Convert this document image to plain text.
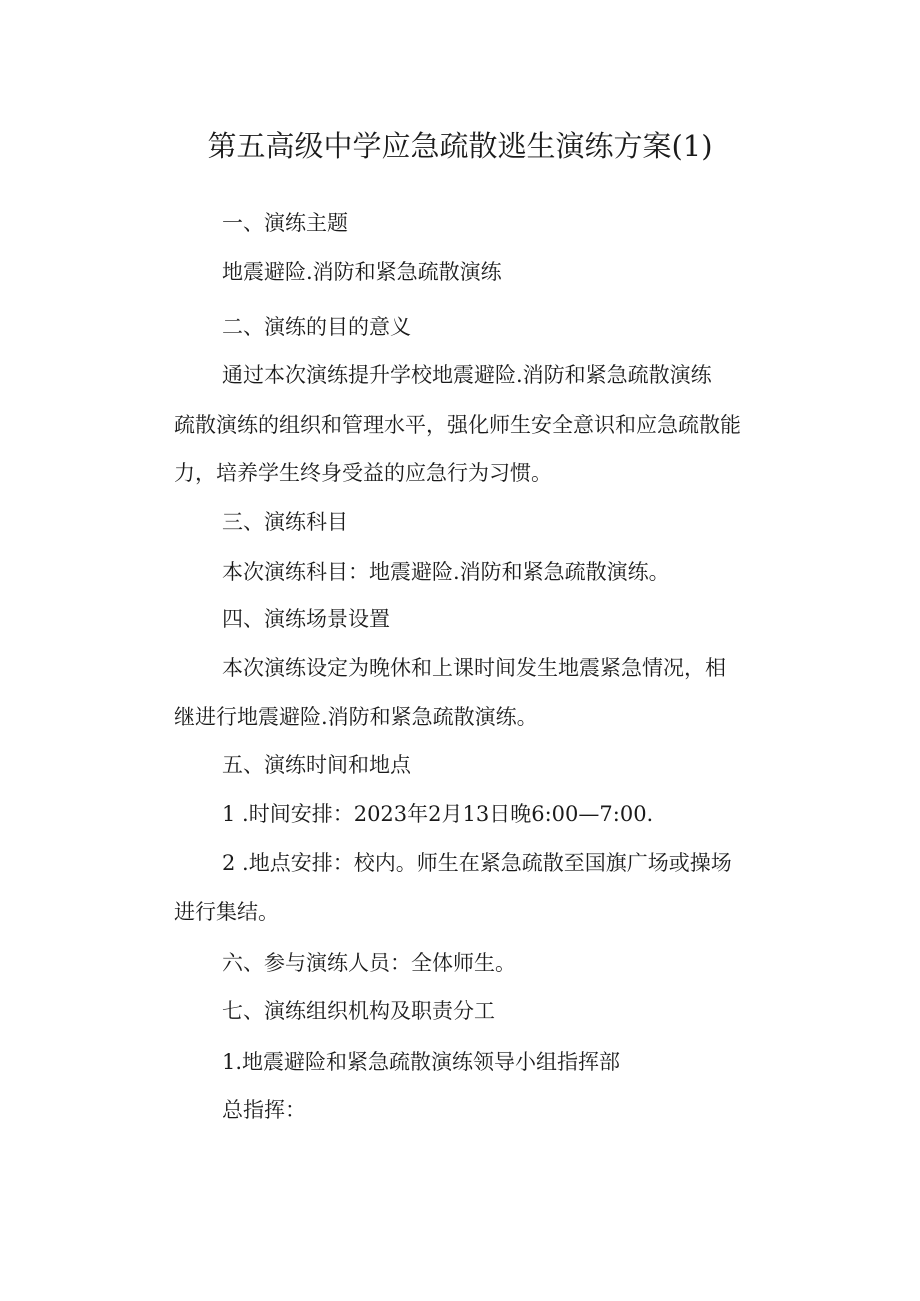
第五高级中学应急疏散逃生演练方案(1)
一、演练主题
地震避险.消防和紧急疏散演练
二、演练的目的意义
通过本次演练提升学校地震避险.消防和紧急疏散演练
疏散演练的组织和管理水平，强化师生安全意识和应急疏散能
力，培养学生终身受益的应急行为习惯。
三、演练科目
本次演练科目：地震避险.消防和紧急疏散演练。
四、演练场景设置
本次演练设定为晚休和上课时间发生地震紧急情况，相
继进行地震避险.消防和紧急疏散演练。
五、演练时间和地点
1 .时间安排：2023年2月13日晚6:00—7:00.
2 .地点安排：校内。师生在紧急疏散至国旗广场或操场
进行集结。
六、参与演练人员：全体师生。
七、演练组织机构及职责分工
1.地震避险和紧急疏散演练领导小组指挥部
总指挥：
